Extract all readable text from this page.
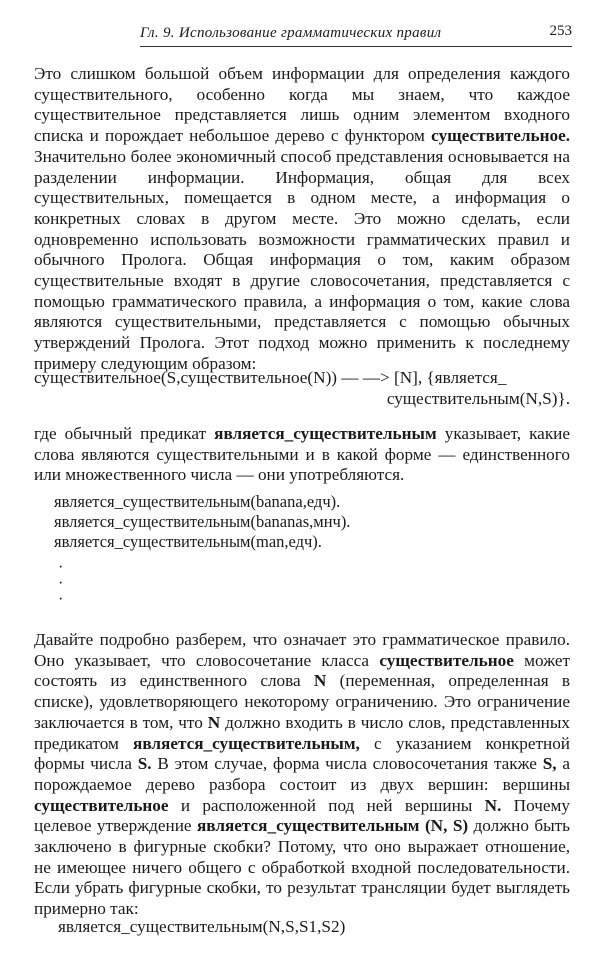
Гл. 9. Использование грамматических правил	253
Это слишком большой объем информации для определения каждого существительного, особенно когда мы знаем, что каждое существительное представляется лишь одним элементом входного списка и порождает небольшое дерево с функтором существительное. Значительно более экономичный способ представления основывается на разделении информации. Информация, общая для всех существительных, помещается в одном месте, а информация о конкретных словах в другом месте. Это можно сделать, если одновременно использовать возможности грамматических правил и обычного Пролога. Общая информация о том, каким образом существительные входят в другие словосочетания, представляется с помощью грамматического правила, а информация о том, какие слова являются существительными, представляется с помощью обычных утверждений Пролога. Этот подход можно применить к последнему примеру следующим образом:
существительное(S,существительное(N)) — —> [N], {является_
существительным(N,S)}.
где обычный предикат является_существительным указывает, какие слова являются существительными и в какой форме — единственного или множественного числа — они употребляются.
является_существительным(banana,едч).
является_существительным(bananas,мнч).
является_существительным(man,едч).
·
·
·
Давайте подробно разберем, что означает это грамматическое правило. Оно указывает, что словосочетание класса существительное может состоять из единственного слова N (переменная, определенная в списке), удовлетворяющего некоторому ограничению. Это ограничение заключается в том, что N должно входить в число слов, представленных предикатом является_существительным, с указанием конкретной формы числа S. В этом случае, форма числа словосочетания также S, а порождаемое дерево разбора состоит из двух вершин: вершины существительное и расположенной под ней вершины N. Почему целевое утверждение является_существительным (N, S) должно быть заключено в фигурные скобки? Потому, что оно выражает отношение, не имеющее ничего общего с обработкой входной последовательности. Если убрать фигурные скобки, то результат трансляции будет выглядеть примерно так:
является_существительным(N,S,S1,S2)
